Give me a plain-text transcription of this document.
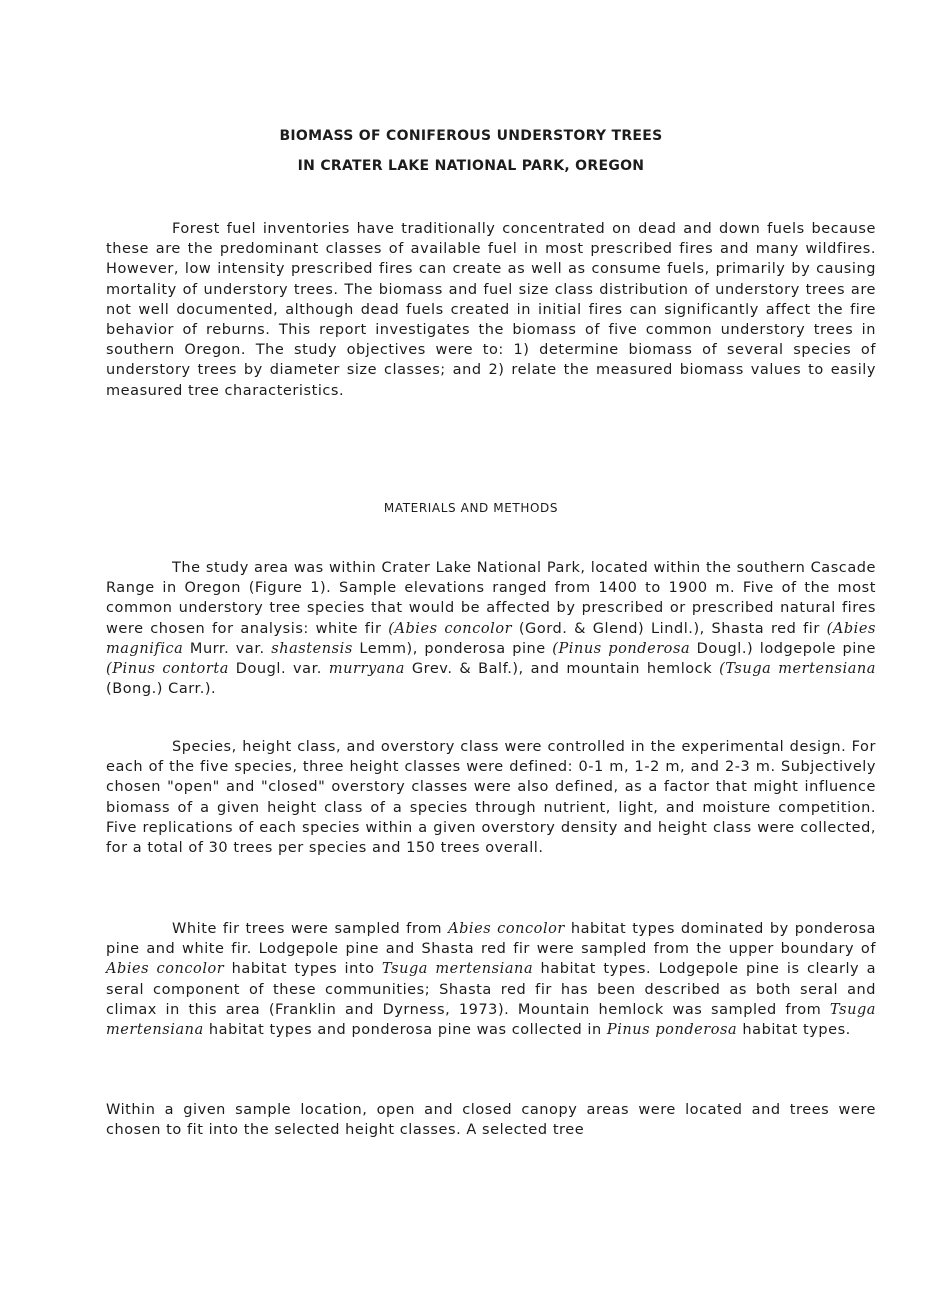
BIOMASS OF CONIFEROUS UNDERSTORY TREES
IN CRATER LAKE NATIONAL PARK, OREGON
Forest fuel inventories have traditionally concentrated on dead and down fuels because these are the predominant classes of available fuel in most prescribed fires and many wildfires. However, low intensity prescribed fires can create as well as consume fuels, primarily by causing mortality of understory trees. The biomass and fuel size class distribution of understory trees are not well documented, although dead fuels created in initial fires can significantly affect the fire behavior of reburns. This report investigates the biomass of five common understory trees in southern Oregon. The study objectives were to: 1) determine biomass of several species of understory trees by diameter size classes; and 2) relate the measured biomass values to easily measured tree characteristics.
MATERIALS AND METHODS
The study area was within Crater Lake National Park, located within the southern Cascade Range in Oregon (Figure 1). Sample elevations ranged from 1400 to 1900 m. Five of the most common understory tree species that would be affected by prescribed or prescribed natural fires were chosen for analysis: white fir (Abies concolor (Gord. & Glend) Lindl.), Shasta red fir (Abies magnifica Murr. var. shastensis Lemm), ponderosa pine (Pinus ponderosa Dougl.) lodgepole pine (Pinus contorta Dougl. var. murryana Grev. & Balf.), and mountain hemlock (Tsuga mertensiana (Bong.) Carr.).
Species, height class, and overstory class were controlled in the experimental design. For each of the five species, three height classes were defined: 0-1 m, 1-2 m, and 2-3 m. Subjectively chosen "open" and "closed" overstory classes were also defined, as a factor that might influence biomass of a given height class of a species through nutrient, light, and moisture competition. Five replications of each species within a given overstory density and height class were collected, for a total of 30 trees per species and 150 trees overall.
White fir trees were sampled from Abies concolor habitat types dominated by ponderosa pine and white fir. Lodgepole pine and Shasta red fir were sampled from the upper boundary of Abies concolor habitat types into Tsuga mertensiana habitat types. Lodgepole pine is clearly a seral component of these communities; Shasta red fir has been described as both seral and climax in this area (Franklin and Dyrness, 1973). Mountain hemlock was sampled from Tsuga mertensiana habitat types and ponderosa pine was collected in Pinus ponderosa habitat types.
Within a given sample location, open and closed canopy areas were located and trees were chosen to fit into the selected height classes. A selected tree
